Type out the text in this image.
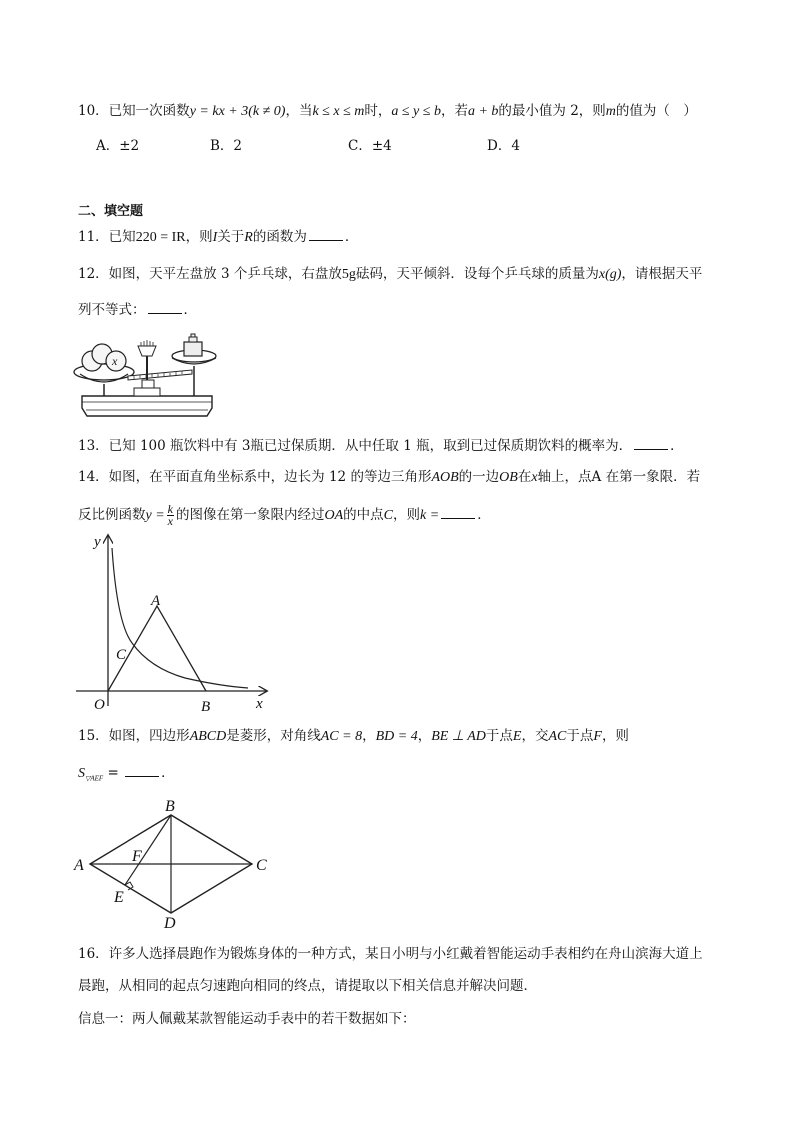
10．已知一次函数y = kx + 3(k ≠ 0)，当k ≤ x ≤ m时，a ≤ y ≤ b，若a + b的最小值为 2，则m的值为（　）
A．±2	B．2	C．±4	D．4
二、填空题
11．已知220 = IR，则I关于R的函数为	．
12．如图，天平左盘放 3 个乒乓球，右盘放5g砝码，天平倾斜．设每个乒乓球的质量为x(g)，请根据天平
列不等式：	．
x
13．已知 100 瓶饮料中有 3瓶已过保质期．从中任取 1 瓶，取到已过保质期饮料的概率为．	．
14．如图，在平面直角坐标系中，边长为 12 的等边三角形AOB的一边OB在x轴上，点A 在第一象限．若
反比例函数$y = \frac{k}{x}$ 的图像在第一象限内经过OA的中点C，则k =	．
y
x
O
A
B
C
15．如图，四边形ABCD是菱形，对角线AC = 8，BD = 4，BE ⊥ AD于点E，交AC于点F，则
$S_{▽AEF}$ =	．
A
B
C
D
E
F
16．许多人选择晨跑作为锻炼身体的一种方式，某日小明与小红戴着智能运动手表相约在舟山滨海大道上
晨跑，从相同的起点匀速跑向相同的终点，请提取以下相关信息并解决问题．
信息一：两人佩戴某款智能运动手表中的若干数据如下：
